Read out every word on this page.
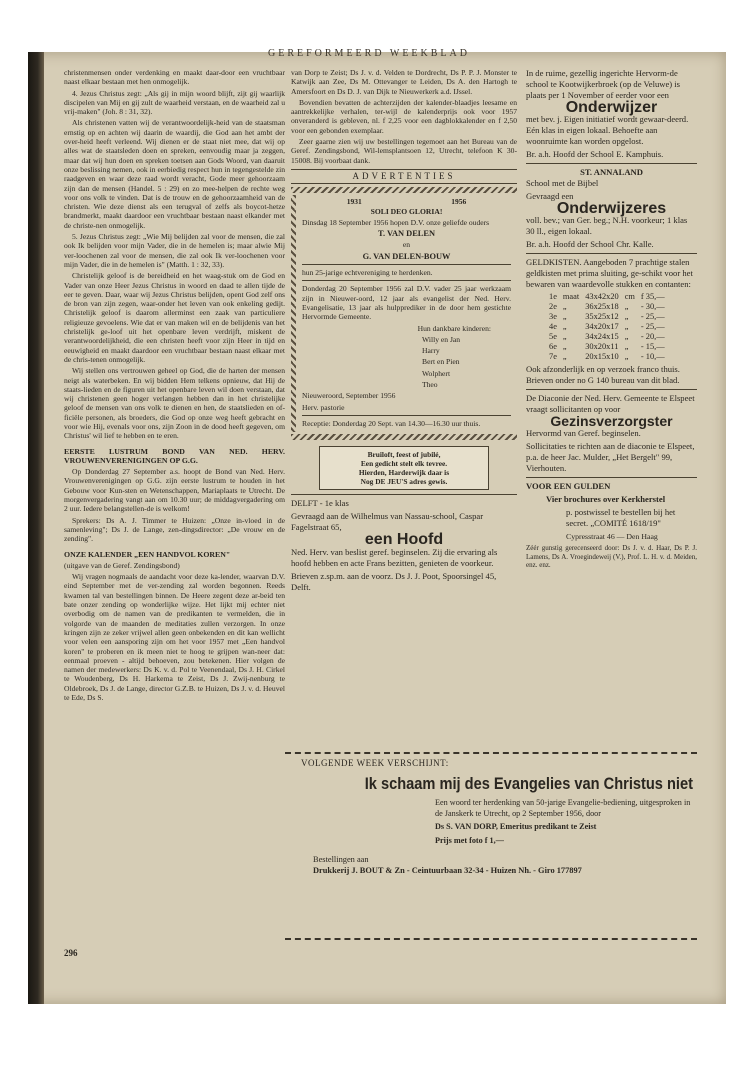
GEREFORMEERD WEEKBLAD

christenmensen onder verdenking en maakt daar-door een vruchtbaar naast elkaar bestaan met hen onmogelijk.

4. Jezus Christus zegt: „Als gij in mijn woord blijft, zijt gij waarlijk discipelen van Mij en gij zult de waarheid verstaan, en de waarheid zal u vrij-maken" (Joh. 8 : 31, 32).

Als christenen vatten wij de verantwoordelijk-heid van de staatsman ernstig op en achten wij daarin de waardij, die God aan het ambt der over-heid heeft verleend. Wij dienen er de staat niet mee, dat wij op alles wat de staatsleden doen en spreken, eenvoudig maar ja zeggen, maar dat wij hun doen en spreken toetsen aan Gods Woord, van daaruit onze beslissing nemen, ook in eerbiedig respect hun in tegengestelde zin raadgeven en waar deze raad wordt veracht, Gode meer gehoorzaam zijn dan de mensen (Handel. 5 : 29) en zo mee-helpen de rechte weg voor ons volk te vinden. Dat is de trouw en de gehoorzaamheid van de christen. Wie deze dienst als een terugval of zelfs als boycot-hetze brandmerkt, maakt daardoor een vruchtbaar bestaan naast elkander met de christe-nen onmogelijk.

5. Jezus Christus zegt: „Wie Mij belijden zal voor de mensen, die zal ook Ik belijden voor mijn Vader, die in de hemelen is; maar alwie Mij ver-loochenen zal voor de mensen, die zal ook Ik ver-loochenen voor mijn Vader, die in de hemelen is" (Matth. 1 : 32, 33).

Christelijk geloof is de bereidheid en het waag-stuk om de God en Vader van onze Heer Jezus Christus in woord en daad te allen tijde de eer te geven. Daar, waar wij Jezus Christus belijden, opent God zelf ons de bron van zijn zegen, waar-onder het leven van ook enkeling gedijt. Christelijk geloof is daarom allerminst een zaak van particuliere religieuze gevoelens. Wie dat er van maken wil en de belijdenis van het christelijk ge-loof uit het openbare leven verdrijft, miskent de verantwoordelijkheid, die een christen heeft voor zijn Heer in tijd en eeuwigheid en maakt daardoor een vruchtbaar bestaan naast elkaar met de chris-tenen onmogelijk.

Wij stellen ons vertrouwen geheel op God, die de harten der mensen neigt als waterbeken. En wij bidden Hem telkens opnieuw, dat Hij de staats-lieden en de figuren uit het openbare leven wil doen verstaan, dat wij christenen geen hoger verlangen hebben dan in het christelijke geloof de mensen van ons volk te dienen en hen, de staatslieden en of-ficiële personen, als broeders, die God op onze weg heeft gebracht en voor wie Hij, evenals voor ons, zijn Zoon in de dood heeft gegeven, om Christus' wil lief te hebben en te eren.

EERSTE LUSTRUM BOND VAN NED. HERV. VROUWENVERENIGINGEN OP G.G.

Op Donderdag 27 September a.s. hoopt de Bond van Ned. Herv. Vrouwenverenigingen op G.G. zijn eerste lustrum te houden in het Gebouw voor Kun-sten en Wetenschappen, Mariaplaats te Utrecht. De morgenvergadering vangt aan om 10.30 uur; de middagvergadering om 2 uur. Iedere belangstellen-de is welkom!

Sprekers: Ds A. J. Timmer te Huizen: „Onze in-vloed in de samenleving"; Ds J. de Lange, zen-dingsdirector: „De vrouw en de zending".

ONZE KALENDER „EEN HANDVOL KOREN"

(uitgave van de Geref. Zendingsbond)

Wij vragen nogmaals de aandacht voor deze ka-lender, waarvan D.V. eind September met de ver-zending zal worden begonnen. Reeds kwamen tal van bestellingen binnen. De Heere zegent deze ar-beid ten bate onzer zending op wonderlijke wijze. Het lijkt mij echter niet overbodig om de namen van de predikanten te vermelden, die in volgorde van de maanden de meditaties zullen verzorgen. In onze kringen zijn ze zeker vrijwel allen geen onbekenden en dit kan wellicht voor velen een aansporing zijn om het voor 1957 met „Een handvol koren" te proberen en ik meen niet te hoog te grijpen wan-neer dat: eenmaal proeven - altijd behoeven, zou betekenen. Hier volgen de namen der medewerkers: Ds K. v. d. Pol te Veenendaal, Ds J. H. Cirkel te Woudenberg, Ds H. Harkema te Zeist, Ds J. Zwij-nenburg te Oldebroek, Ds J. de Lange, director G.Z.B. te Huizen, Ds J. v. d. Heuvel te Ede, Ds S.

van Dorp te Zeist; Ds J. v. d. Velden te Dordrecht, Ds P. P. J. Monster te Katwijk aan Zee, Ds M. Ottevanger te Leiden, Ds A. den Hartogh te Amersfoort en Ds D. J. van Dijk te Nieuwerkerk a.d. IJssel.

Bovendien bevatten de achterzijden der kalender-blaadjes leesame en aantrekkelijke verhalen, ter-wijl de kalenderprijs ook voor 1957 onveranderd is gebleven, nl. f 2,25 voor een dagblokkalender en f 2,50 voor een gebonden exemplaar.

Zeer gaarne zien wij uw bestellingen tegemoet aan het Bureau van de Geref. Zendingsbond, Wil-lemsplantsoen 12, Utrecht, telefoon K 30-15008. Bij voorbaat dank.

ADVERTENTIES
1931	1956

SOLI DEO GLORIA!

Dinsdag 18 September 1956 hopen D.V. onze geliefde ouders

T. VAN DELEN

en

G. VAN DELEN-BOUW

hun 25-jarige echtvereniging te herdenken.

Donderdag 20 September 1956 zal D.V. vader 25 jaar werkzaam zijn in Nieuwer-oord, 12 jaar als evangelist der Ned. Herv. Evangelisatie, 13 jaar als hulpprediker in de door hem gestichte Hervormde Gemeente.

Hun dankbare kinderen:

Willy en Jan

Harry

Bert en Pien

Wolphert

Theo

Nieuweroord, September 1956

Herv. pastorie

Receptie: Donderdag 20 Sept. van 14.30—16.30 uur thuis.

Bruiloft, feest of jubilé,
Een gedicht stelt elk tevree.
Hierden, Harderwijk daar is
Nog DE JEU'S adres gewis.

DELFT - 1e klas

Gevraagd aan de Wilhelmus van Nassau-school, Caspar Fagelstraat 65,

een Hoofd

Ned. Herv. van beslist geref. beginselen. Zij die ervaring als hoofd hebben en acte Frans bezitten, genieten de voorkeur.

Brieven z.sp.m. aan de voorz. Ds J. J. Poot, Spoorsingel 45, Delft.

In de ruime, gezellig ingerichte Hervorm-de school te Kootwijkerbroek (op de Veluwe) is plaats per 1 November of eerder voor een

Onderwijzer

met bev. j. Eigen initiatief wordt gewaar-deerd. Eén klas in eigen lokaal. Behoefte aan woonruimte kan worden opgelost.

Br. a.h. Hoofd der School E. Kamphuis.

ST. ANNALAND

School met de Bijbel

Gevraagd een

Onderwijzeres

voll. bev.; van Ger. beg.; N.H. voorkeur; 1 klas 30 ll., eigen lokaal.

Br. a.h. Hoofd der School Chr. Kalle.

GELDKISTEN. Aangeboden 7 prachtige stalen geldkisten met prima sluiting, ge-schikt voor het bewaren van waardevolle stukken en contanten:

1e	maat	43x42x20	cm	f 35,—
2e	„	36x25x18	„	- 30,—
3e	„	35x25x12	„	- 25,—
4e	„	34x20x17	„	- 25,—
5e	„	34x24x15	„	- 20,—
6e	„	30x20x11	„	- 15,—
7e	„	20x15x10	„	- 10,—

Ook afzonderlijk en op verzoek franco thuis. Brieven onder no G 140 bureau van dit blad.

De Diaconie der Ned. Herv. Gemeente te Elspeet vraagt sollicitanten op voor

Gezinsverzorgster

Hervormd van Geref. beginselen.

Sollicitaties te richten aan de diaconie te Elspeet, p.a. de heer Jac. Mulder, „Het Bergelt" 99, Vierhouten.

VOOR EEN GULDEN

Vier brochures over Kerkherstel

p. postwissel te bestellen bij het secret. „COMITÉ 1618/19"

Cypresstraat 46 — Den Haag

Zéér gunstig gerecenseerd door: Ds J. v. d. Haar, Ds P. J. Lamens, Ds A. Vroegindeweij (V.), Prof. L. H. v. d. Meiden, enz. enz.

VOLGENDE WEEK VERSCHIJNT:
Ik schaam mij des Evangelies van Christus niet
Een woord ter herdenking van 50-jarige Evangelie-bediening, uitgesproken in de Janskerk te Utrecht, op 2 September 1956, door
Ds S. VAN DORP, Emeritus predikant te Zeist
Prijs met foto f 1,—
Bestellingen aan
Drukkerij J. BOUT & Zn - Ceintuurbaan 32-34 - Huizen Nh. - Giro 177897
296
